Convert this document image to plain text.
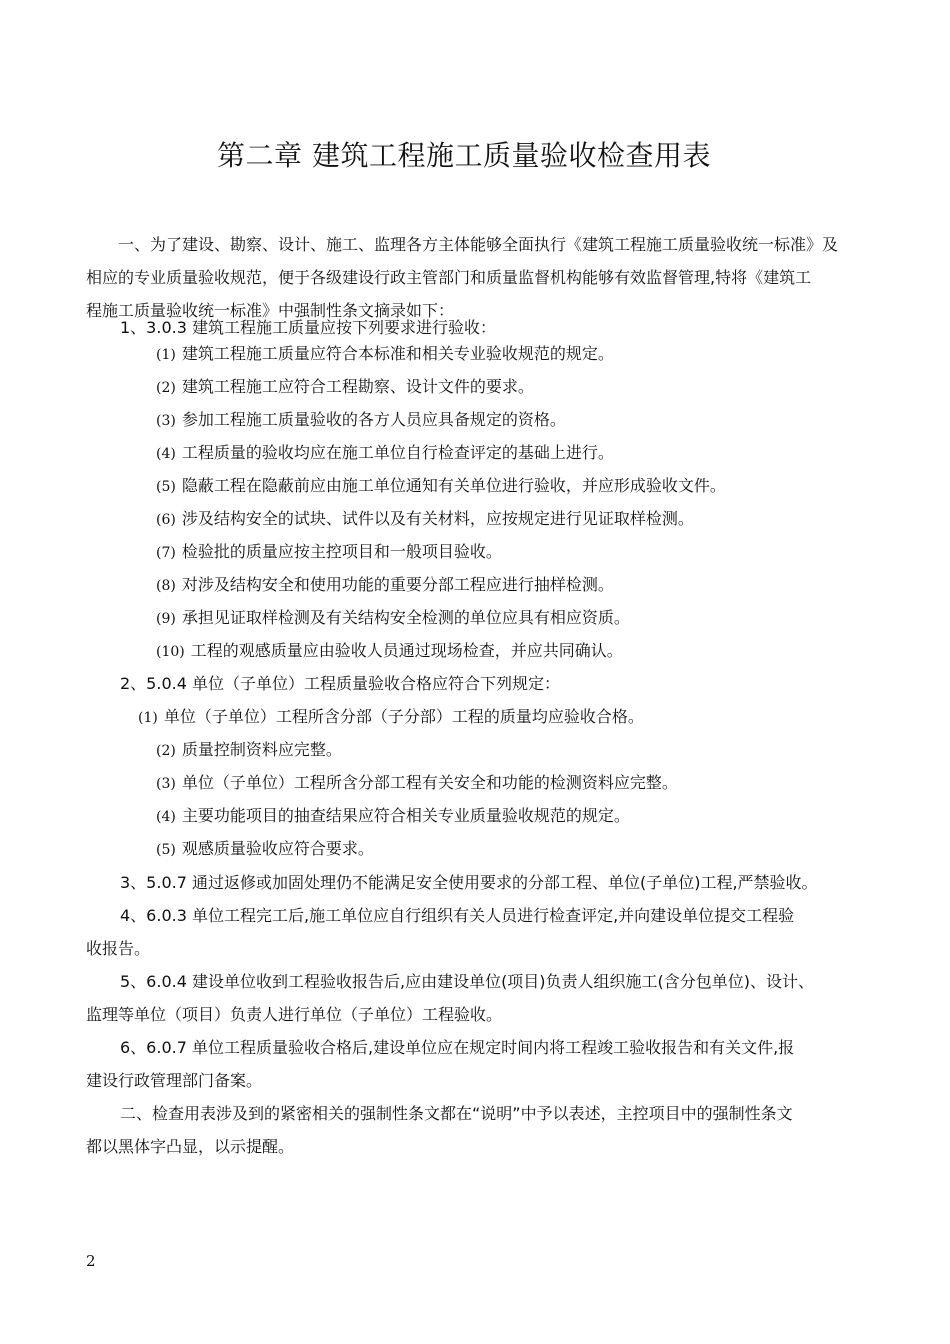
第二章 建筑工程施工质量验收检查用表
一、为了建设、勘察、设计、施工、监理各方主体能够全面执行《建筑工程施工质量验收统一标准》及
相应的专业质量验收规范，便于各级建设行政主管部门和质量监督机构能够有效监督管理,特将《建筑工
程施工质量验收统一标准》中强制性条文摘录如下：
1、3.0.3 建筑工程施工质量应按下列要求进行验收：
(1) 建筑工程施工质量应符合本标准和相关专业验收规范的规定。
(2) 建筑工程施工应符合工程勘察、设计文件的要求。
(3) 参加工程施工质量验收的各方人员应具备规定的资格。
(4) 工程质量的验收均应在施工单位自行检查评定的基础上进行。
(5) 隐蔽工程在隐蔽前应由施工单位通知有关单位进行验收，并应形成验收文件。
(6) 涉及结构安全的试块、试件以及有关材料，应按规定进行见证取样检测。
(7) 检验批的质量应按主控项目和一般项目验收。
(8) 对涉及结构安全和使用功能的重要分部工程应进行抽样检测。
(9) 承担见证取样检测及有关结构安全检测的单位应具有相应资质。
(10) 工程的观感质量应由验收人员通过现场检查，并应共同确认。
2、5.0.4 单位（子单位）工程质量验收合格应符合下列规定：
(1) 单位（子单位）工程所含分部（子分部）工程的质量均应验收合格。
(2) 质量控制资料应完整。
(3) 单位（子单位）工程所含分部工程有关安全和功能的检测资料应完整。
(4) 主要功能项目的抽查结果应符合相关专业质量验收规范的规定。
(5) 观感质量验收应符合要求。
3、5.0.7 通过返修或加固处理仍不能满足安全使用要求的分部工程、单位(子单位)工程,严禁验收。
4、6.0.3 单位工程完工后,施工单位应自行组织有关人员进行检查评定,并向建设单位提交工程验
收报告。
5、6.0.4 建设单位收到工程验收报告后,应由建设单位(项目)负责人组织施工(含分包单位)、设计、
监理等单位（项目）负责人进行单位（子单位）工程验收。
6、6.0.7 单位工程质量验收合格后,建设单位应在规定时间内将工程竣工验收报告和有关文件,报
建设行政管理部门备案。
二、检查用表涉及到的紧密相关的强制性条文都在“说明”中予以表述，主控项目中的强制性条文
都以黑体字凸显，以示提醒。
2
